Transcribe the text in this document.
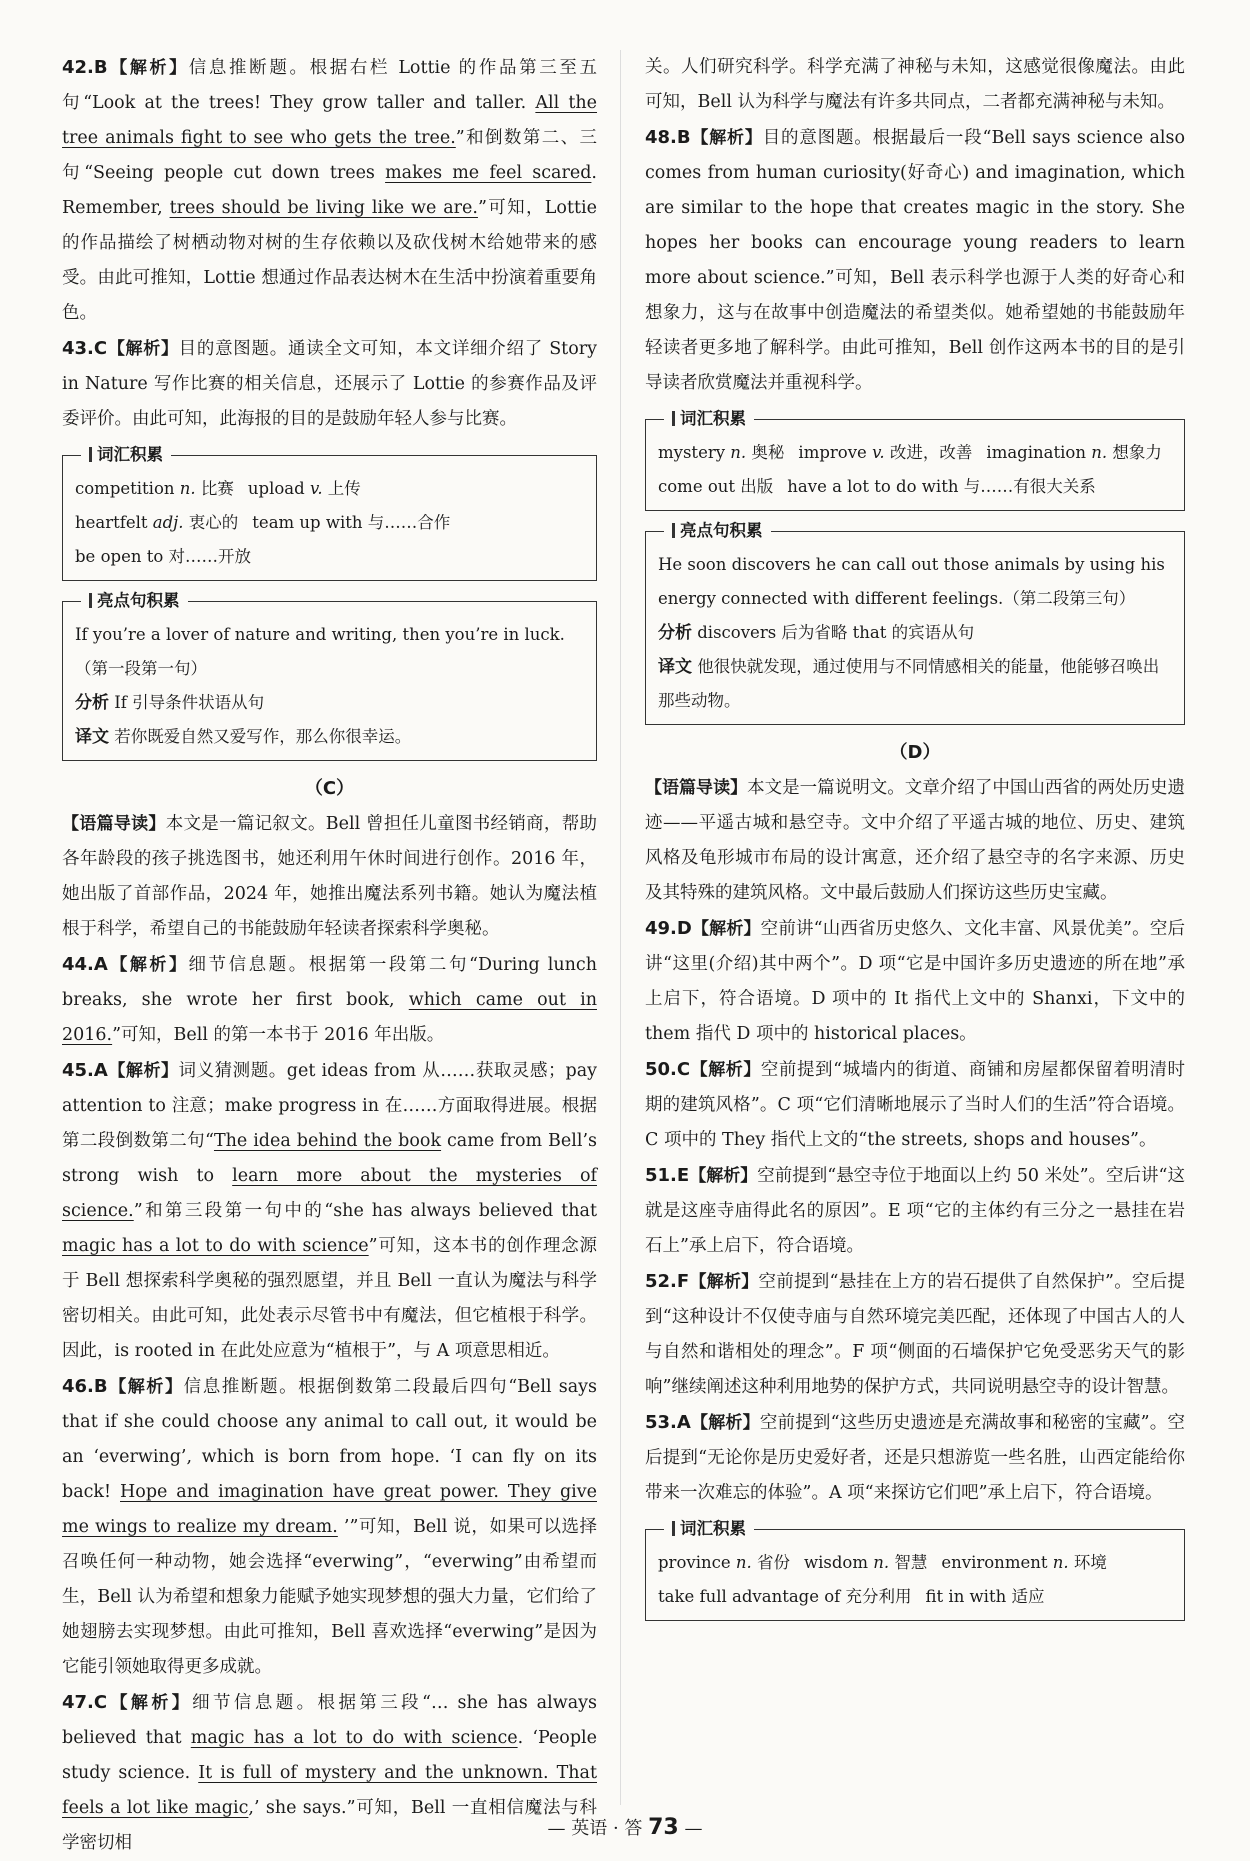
42.B【解析】信息推断题。根据右栏 Lottie 的作品第三至五句“Look at the trees! They grow taller and taller. All the tree animals fight to see who gets the tree.”和倒数第二、三句“Seeing people cut down trees makes me feel scared. Remember, trees should be living like we are.”可知，Lottie 的作品描绘了树栖动物对树的生存依赖以及砍伐树木给她带来的感受。由此可推知，Lottie 想通过作品表达树木在生活中扮演着重要角色。

43.C【解析】目的意图题。通读全文可知，本文详细介绍了 Story in Nature 写作比赛的相关信息，还展示了 Lottie 的参赛作品及评委评价。由此可知，此海报的目的是鼓励年轻人参与比赛。

词汇积累
competition n. 比赛 upload v. 上传
heartfelt adj. 衷心的 team up with 与……合作
be open to 对……开放
亮点句积累
If you’re a lover of nature and writing, then you’re in luck.（第一段第一句）
分析 If 引导条件状语从句
译文 若你既爱自然又爱写作，那么你很幸运。
（C）

【语篇导读】本文是一篇记叙文。Bell 曾担任儿童图书经销商，帮助各年龄段的孩子挑选图书，她还利用午休时间进行创作。2016 年，她出版了首部作品，2024 年，她推出魔法系列书籍。她认为魔法植根于科学，希望自己的书能鼓励年轻读者探索科学奥秘。

44.A【解析】细节信息题。根据第一段第二句“During lunch breaks, she wrote her first book, which came out in 2016.”可知，Bell 的第一本书于 2016 年出版。

45.A【解析】词义猜测题。get ideas from 从……获取灵感；pay attention to 注意；make progress in 在……方面取得进展。根据第二段倒数第二句“The idea behind the book came from Bell’s strong wish to learn more about the mysteries of science.”和第三段第一句中的“she has always believed that magic has a lot to do with science”可知，这本书的创作理念源于 Bell 想探索科学奥秘的强烈愿望，并且 Bell 一直认为魔法与科学密切相关。由此可知，此处表示尽管书中有魔法，但它植根于科学。因此，is rooted in 在此处应意为“植根于”，与 A 项意思相近。

46.B【解析】信息推断题。根据倒数第二段最后四句“Bell says that if she could choose any animal to call out, it would be an ‘everwing’, which is born from hope. ‘I can fly on its back! Hope and imagination have great power. They give me wings to realize my dream. ’”可知，Bell 说，如果可以选择召唤任何一种动物，她会选择“everwing”，“everwing”由希望而生，Bell 认为希望和想象力能赋予她实现梦想的强大力量，它们给了她翅膀去实现梦想。由此可推知，Bell 喜欢选择“everwing”是因为它能引领她取得更多成就。

47.C【解析】细节信息题。根据第三段“… she has always believed that magic has a lot to do with science. ‘People study science. It is full of mystery and the unknown. That feels a lot like magic,’ she says.”可知，Bell 一直相信魔法与科学密切相

关。人们研究科学。科学充满了神秘与未知，这感觉很像魔法。由此可知，Bell 认为科学与魔法有许多共同点，二者都充满神秘与未知。

48.B【解析】目的意图题。根据最后一段“Bell says science also comes from human curiosity(好奇心) and imagination, which are similar to the hope that creates magic in the story. She hopes her books can encourage young readers to learn more about science.”可知，Bell 表示科学也源于人类的好奇心和想象力，这与在故事中创造魔法的希望类似。她希望她的书能鼓励年轻读者更多地了解科学。由此可推知，Bell 创作这两本书的目的是引导读者欣赏魔法并重视科学。

词汇积累
mystery n. 奥秘 improve v. 改进，改善 imagination n. 想象力
come out 出版 have a lot to do with 与……有很大关系
亮点句积累
He soon discovers he can call out those animals by using his energy connected with different feelings.（第二段第三句）
分析 discovers 后为省略 that 的宾语从句
译文 他很快就发现，通过使用与不同情感相关的能量，他能够召唤出那些动物。
（D）

【语篇导读】本文是一篇说明文。文章介绍了中国山西省的两处历史遗迹——平遥古城和悬空寺。文中介绍了平遥古城的地位、历史、建筑风格及龟形城市布局的设计寓意，还介绍了悬空寺的名字来源、历史及其特殊的建筑风格。文中最后鼓励人们探访这些历史宝藏。

49.D【解析】空前讲“山西省历史悠久、文化丰富、风景优美”。空后讲“这里(介绍)其中两个”。D 项“它是中国许多历史遗迹的所在地”承上启下，符合语境。D 项中的 It 指代上文中的 Shanxi，下文中的 them 指代 D 项中的 historical places。

50.C【解析】空前提到“城墙内的街道、商铺和房屋都保留着明清时期的建筑风格”。C 项“它们清晰地展示了当时人们的生活”符合语境。C 项中的 They 指代上文的“the streets, shops and houses”。

51.E【解析】空前提到“悬空寺位于地面以上约 50 米处”。空后讲“这就是这座寺庙得此名的原因”。E 项“它的主体约有三分之一悬挂在岩石上”承上启下，符合语境。

52.F【解析】空前提到“悬挂在上方的岩石提供了自然保护”。空后提到“这种设计不仅使寺庙与自然环境完美匹配，还体现了中国古人的人与自然和谐相处的理念”。F 项“侧面的石墙保护它免受恶劣天气的影响”继续阐述这种利用地势的保护方式，共同说明悬空寺的设计智慧。

53.A【解析】空前提到“这些历史遗迹是充满故事和秘密的宝藏”。空后提到“无论你是历史爱好者，还是只想游览一些名胜，山西定能给你带来一次难忘的体验”。A 项“来探访它们吧”承上启下，符合语境。

词汇积累
province n. 省份 wisdom n. 智慧 environment n. 环境
take full advantage of 充分利用 fit in with 适应
— 英语 · 答 73 —
